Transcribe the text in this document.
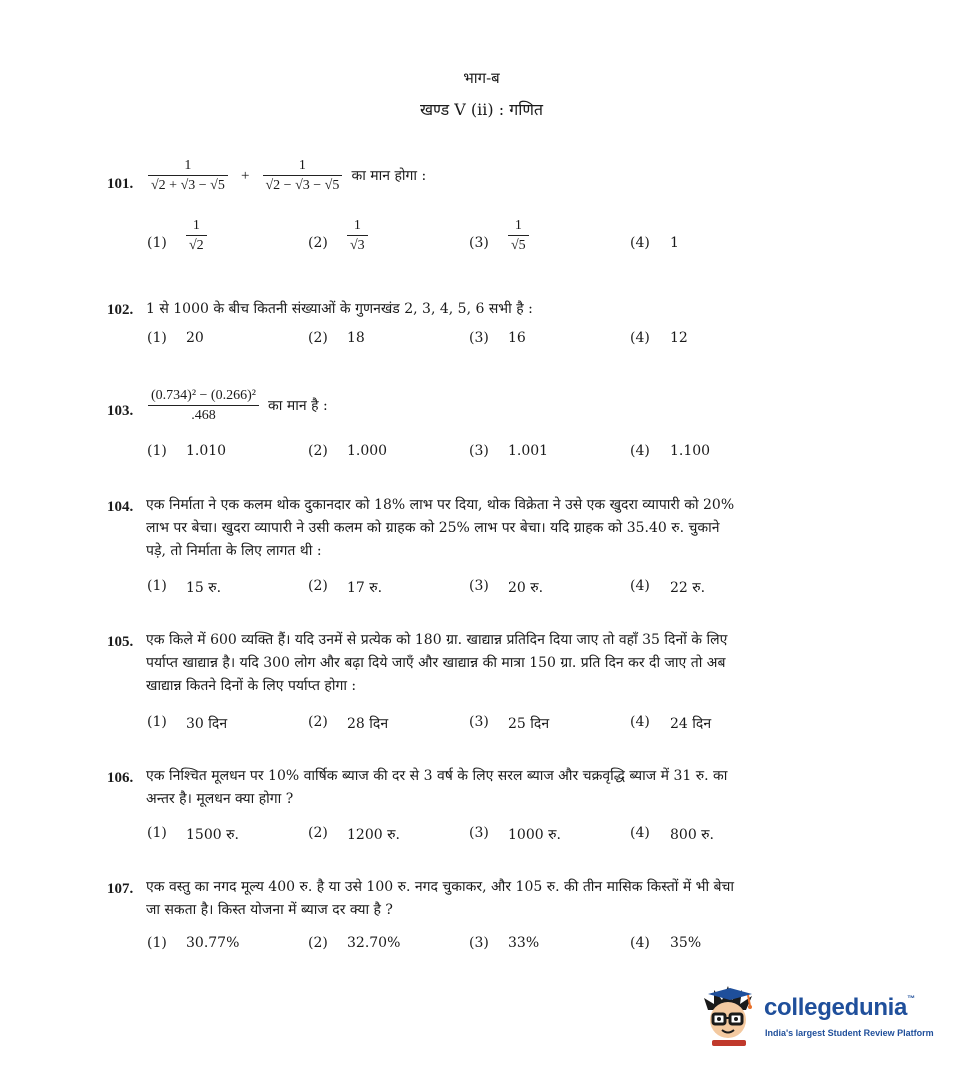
भाग-ब
खण्ड V (ii) : गणित
101. $\frac{1}{√2 + √3 - √5} + \frac{1}{√2 - √3 - √5}$ का मान होगा :
$(1) \frac{1}{√2}$	$(2) \frac{1}{√3}$	$(3) \frac{1}{√5}$	(4) 1
102. 1 से 1000 के बीच कितनी संख्याओं के गुणनखंड 2, 3, 4, 5, 6 सभी है :
(1) 20	(2) 18	(3) 16	(4) 12
103. $\frac{\text{(0.734)² − (0.266)²}}{.468}$ का मान है :
(1) 1.010	(2) 1.000	(3) 1.001	(4) 1.100
104. एक निर्माता ने एक कलम थोक दुकानदार को 18% लाभ पर दिया, थोक विक्रेता ने उसे एक खुदरा व्यापारी को 20%
लाभ पर बेचा। खुदरा व्यापारी ने उसी कलम को ग्राहक को 25% लाभ पर बेचा। यदि ग्राहक को 35.40 रु. चुकाने
पड़े, तो निर्माता के लिए लागत थी :
(1) 15 रु.	(2) 17 रु.	(3) 20 रु.	(4) 22 रु.
105. एक किले में 600 व्यक्ति हैं। यदि उनमें से प्रत्येक को 180 ग्रा. खाद्यान्न प्रतिदिन दिया जाए तो वहाँ 35 दिनों के लिए
पर्याप्त खाद्यान्न है। यदि 300 लोग और बढ़ा दिये जाएँ और खाद्यान्न की मात्रा 150 ग्रा. प्रति दिन कर दी जाए तो अब
खाद्यान्न कितने दिनों के लिए पर्याप्त होगा :
(1) 30 दिन	(2) 28 दिन	(3) 25 दिन	(4) 24 दिन
106. एक निश्चित मूलधन पर 10% वार्षिक ब्याज की दर से 3 वर्ष के लिए सरल ब्याज और चक्रवृद्धि ब्याज में 31 रु. का
अन्तर है। मूलधन क्या होगा ?
(1) 1500 रु.	(2) 1200 रु.	(3) 1000 रु.	(4) 800 रु.
107. एक वस्तु का नगद मूल्य 400 रु. है या उसे 100 रु. नगद चुकाकर, और 105 रु. की तीन मासिक किस्तों में भी बेचा
जा सकता है। किस्त योजना में ब्याज दर क्या है ?
(1) 30.77%	(2) 32.70%	(3) 33%	(4) 35%
collegedunia™
India's largest Student Review Platform
